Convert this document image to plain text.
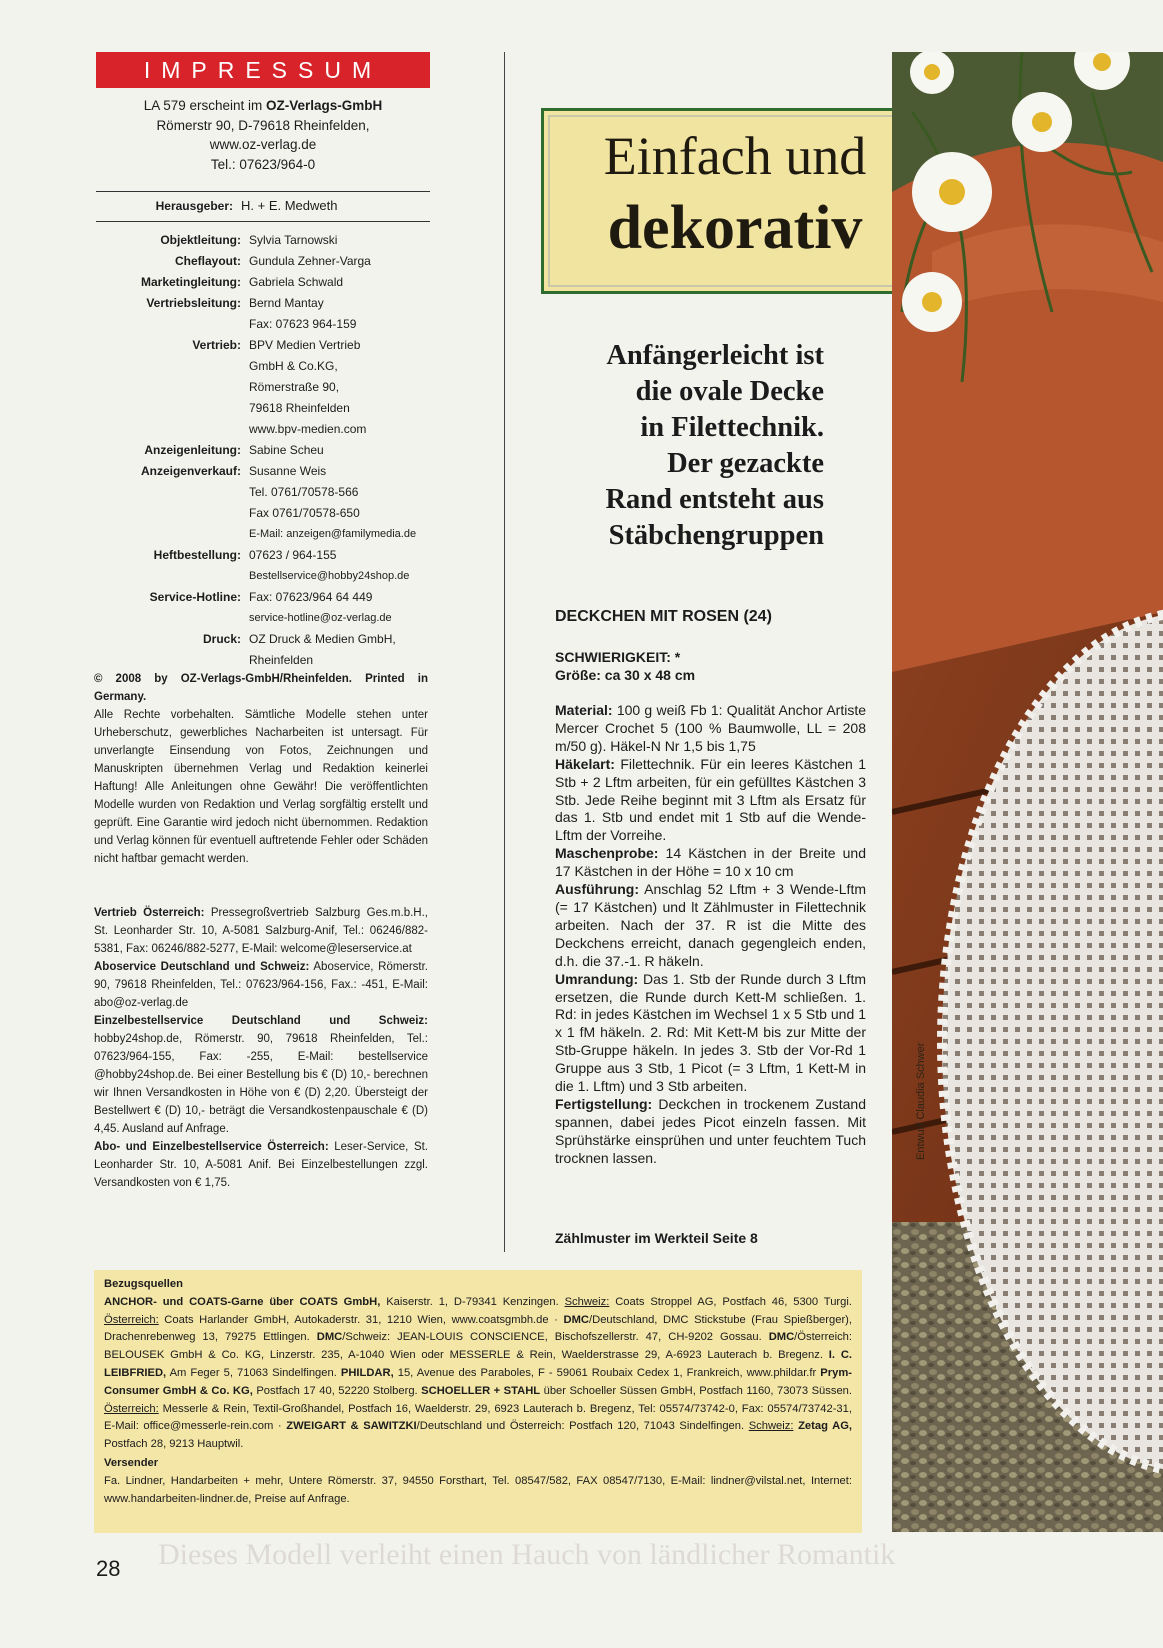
IMPRESSUM
LA 579 erscheint im OZ-Verlags-GmbH
Römerstr 90, D-79618 Rheinfelden,
www.oz-verlag.de
Tel.: 07623/964-0
Herausgeber: H. + E. Medweth
Objektleitung: Sylvia Tarnowski
Cheflayout: Gundula Zehner-Varga
Marketingleitung: Gabriela Schwald
Vertriebsleitung: Bernd Mantay
Fax: 07623 964-159
Vertrieb: BPV Medien Vertrieb
GmbH & Co.KG,
Römerstraße 90,
79618 Rheinfelden
www.bpv-medien.com
Anzeigenleitung: Sabine Scheu
Anzeigenverkauf: Susanne Weis
Tel. 0761/70578-566
Fax 0761/70578-650
E-Mail: anzeigen@familymedia.de
Heftbestellung: 07623 / 964-155
Bestellservice@hobby24shop.de
Service-Hotline: Fax: 07623/964 64 449
service-hotline@oz-verlag.de
Druck: OZ Druck & Medien GmbH,
Rheinfelden

© 2008 by OZ-Verlags-GmbH/Rheinfelden. Printed in Germany.

Alle Rechte vorbehalten. Sämtliche Modelle stehen unter Urheberschutz, gewerbliches Nacharbeiten ist untersagt. Für unverlangte Einsendung von Fotos, Zeichnungen und Manuskripten übernehmen Verlag und Redaktion keinerlei Haftung! Alle Anleitungen ohne Gewähr! Die veröffentlichten Modelle wurden von Redaktion und Verlag sorgfältig erstellt und geprüft. Eine Garantie wird jedoch nicht übernommen. Redaktion und Verlag können für eventuell auftretende Fehler oder Schäden nicht haftbar gemacht werden.

Vertrieb Österreich: Pressegroßvertrieb Salzburg Ges.m.b.H., St. Leonharder Str. 10, A-5081 Salzburg-Anif, Tel.: 06246/882-5381, Fax: 06246/882-5277, E-Mail: welcome@leserservice.at

Aboservice Deutschland und Schweiz: Aboservice, Römerstr. 90, 79618 Rheinfelden, Tel.: 07623/964-156, Fax.: -451, E-Mail: abo@oz-verlag.de

Einzelbestellservice Deutschland und Schweiz: hobby24shop.de, Römerstr. 90, 79618 Rheinfelden, Tel.: 07623/964-155, Fax: -255, E-Mail: bestellservice @hobby24shop.de. Bei einer Bestellung bis € (D) 10,- berechnen wir Ihnen Versandkosten in Höhe von € (D) 2,20. Übersteigt der Bestellwert € (D) 10,- beträgt die Versandkostenpauschale € (D) 4,45. Ausland auf Anfrage.

Abo- und Einzelbestellservice Österreich: Leser-Service, St. Leonharder Str. 10, A-5081 Anif. Bei Einzelbestellungen zzgl. Versandkosten von € 1,75.

Einfach und
dekorativ
Anfängerleicht ist
die ovale Decke
in Filettechnik.
Der gezackte
Rand entsteht aus
Stäbchengruppen
DECKCHEN MIT ROSEN (24)
SCHWIERIGKEIT: *
Größe: ca 30 x 48 cm

Material: 100 g weiß Fb 1: Qualität Anchor Artiste Mercer Crochet 5 (100 % Baumwolle, LL = 208 m/50 g). Häkel-N Nr 1,5 bis 1,75

Häkelart: Filettechnik. Für ein leeres Kästchen 1 Stb + 2 Lftm arbeiten, für ein gefülltes Kästchen 3 Stb. Jede Reihe beginnt mit 3 Lftm als Ersatz für das 1. Stb und endet mit 1 Stb auf die Wende-Lftm der Vorreihe.

Maschenprobe: 14 Kästchen in der Breite und 17 Kästchen in der Höhe = 10 x 10 cm

Ausführung: Anschlag 52 Lftm + 3 Wende-Lftm (= 17 Kästchen) und lt Zählmuster in Filettechnik arbeiten. Nach der 37. R ist die Mitte des Deckchens erreicht, danach gegengleich enden, d.h. die 37.-1. R häkeln.

Umrandung: Das 1. Stb der Runde durch 3 Lftm ersetzen, die Runde durch Kett-M schließen. 1. Rd: in jedes Kästchen im Wechsel 1 x 5 Stb und 1 x 1 fM häkeln. 2. Rd: Mit Kett-M bis zur Mitte der Stb-Gruppe häkeln. In jedes 3. Stb der Vor-Rd 1 Gruppe aus 3 Stb, 1 Picot (= 3 Lftm, 1 Kett-M in die 1. Lftm) und 3 Stb arbeiten.

Fertigstellung: Deckchen in trockenem Zustand spannen, dabei jedes Picot einzeln fassen. Mit Sprühstärke einsprühen und unter feuchtem Tuch trocknen lassen.

Zählmuster im Werkteil Seite 8
Entwurf Claudia Schwer

Bezugsquellen

ANCHOR- und COATS-Garne über COATS GmbH, Kaiserstr. 1, D-79341 Kenzingen. Schweiz: Coats Stroppel AG, Postfach 46, 5300 Turgi. Österreich: Coats Harlander GmbH, Autokaderstr. 31, 1210 Wien, www.coatsgmbh.de · DMC/Deutschland, DMC Stickstube (Frau Spießberger), Drachenrebenweg 13, 79275 Ettlingen. DMC/Schweiz: JEAN-LOUIS CONSCIENCE, Bischofszellerstr. 47, CH-9202 Gossau. DMC/Österreich: BELOUSEK GmbH & Co. KG, Linzerstr. 235, A-1040 Wien oder MESSERLE & Rein, Waelderstrasse 29, A-6923 Lauterach b. Bregenz. I. C. LEIBFRIED, Am Feger 5, 71063 Sindelfingen. PHILDAR, 15, Avenue des Paraboles, F - 59061 Roubaix Cedex 1, Frankreich, www.phildar.fr Prym-Consumer GmbH & Co. KG, Postfach 17 40, 52220 Stolberg. SCHOELLER + STAHL über Schoeller Süssen GmbH, Postfach 1160, 73073 Süssen. Österreich: Messerle & Rein, Textil-Großhandel, Postfach 16, Waelderstr. 29, 6923 Lauterach b. Bregenz, Tel: 05574/73742-0, Fax: 05574/73742-31, E-Mail: office@messerle-rein.com · ZWEIGART & SAWITZKI/Deutschland und Österreich: Postfach 120, 71043 Sindelfingen. Schweiz: Zetag AG, Postfach 28, 9213 Hauptwil.

Versender

Fa. Lindner, Handarbeiten + mehr, Untere Römerstr. 37, 94550 Forsthart, Tel. 08547/582, FAX 08547/7130, E-Mail: lindner@vilstal.net, Internet: www.handarbeiten-lindner.de, Preise auf Anfrage.

Dieses Modell verleiht einen Hauch von ländlicher Romantik
28
